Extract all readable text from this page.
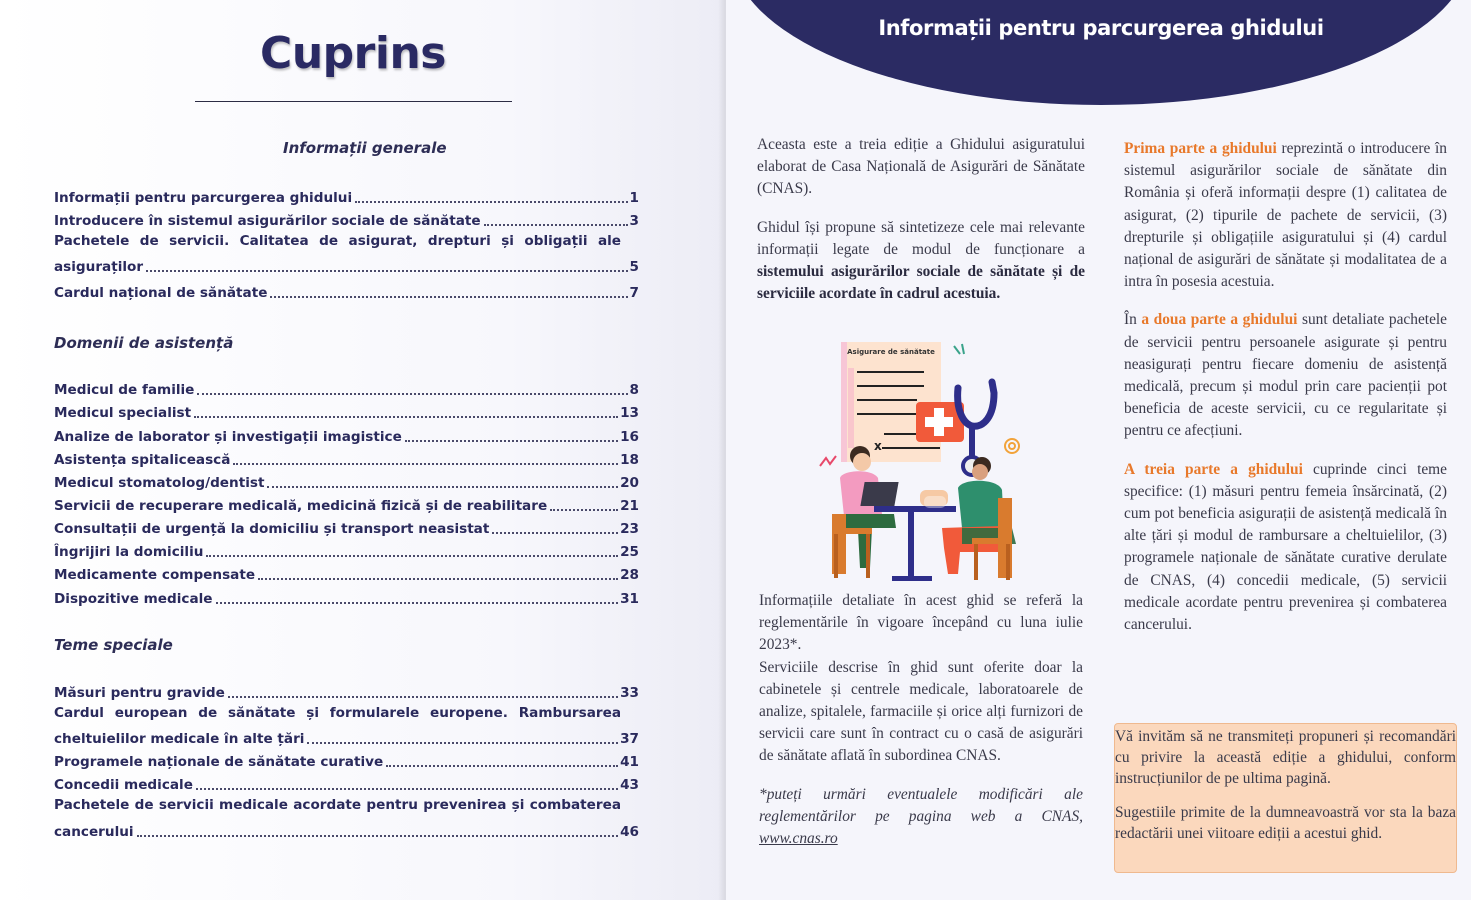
Cuprins
Informații generale
Informații pentru parcurgerea ghidului	1
Introducere în sistemul asigurărilor sociale de sănătate	3
Pachetele de servicii. Calitatea de asigurat, drepturi și obligații ale
asiguraților	5
Cardul național de sănătate	7
Domenii de asistență
Medicul de familie	8
Medicul specialist	13
Analize de laborator și investigații imagistice	16
Asistența spitalicească	18
Medicul stomatolog/dentist	20
Servicii de recuperare medicală, medicină fizică și de reabilitare	21
Consultații de urgență la domiciliu și transport neasistat	23
Îngrijiri la domiciliu	25
Medicamente compensate	28
Dispozitive medicale	31
Teme speciale
Măsuri pentru gravide	33
Cardul european de sănătate și formularele europene. Rambursarea
cheltuielilor medicale în alte țări	37
Programele naționale de sănătate curative	41
Concedii medicale	43
Pachetele de servicii medicale acordate pentru prevenirea și combaterea
cancerului	46
Informații pentru parcurgerea ghidului

Aceasta este a treia ediție a Ghidului asiguratului elaborat de Casa Națională de Asigurări de Sănătate (CNAS).

Ghidul își propune să sintetizeze cele mai relevante informații legate de modul de funcționare a sistemului asigurărilor sociale de sănătate și de serviciile acordate în cadrul acestuia.

Informațiile detaliate în acest ghid se referă la reglementările în vigoare începând cu luna iulie 2023*.

Serviciile descrise în ghid sunt oferite doar la cabinetele și centrele medicale, laboratoarele de analize, spitalele, farmaciile și orice alți furnizori de servicii care sunt în contract cu o casă de asigurări de sănătate aflată în subordinea CNAS.

*puteți urmări eventualele modificări ale reglementărilor pe pagina web a CNAS, www.cnas.ro

Prima parte a ghidului reprezintă o introducere în sistemul asigurărilor sociale de sănătate din România și oferă informații despre (1) calitatea de asigurat, (2) tipurile de pachete de servicii, (3) drepturile și obligațiile asiguratului și (4) cardul național de asigurări de sănătate și modalitatea de a intra în posesia acestuia.

În a doua parte a ghidului sunt detaliate pachetele de servicii pentru persoanele asigurate și pentru neasigurați pentru fiecare domeniu de asistență medicală, precum și modul prin care pacienții pot beneficia de aceste servicii, cu ce regularitate și pentru ce afecțiuni.

A treia parte a ghidului cuprinde cinci teme specifice: (1) măsuri pentru femeia însărcinată, (2) cum pot beneficia asigurații de asistență medicală în alte țări și modul de rambursare a cheltuielilor, (3) programele naționale de sănătate curative derulate de CNAS, (4) concedii medicale, (5) servicii medicale acordate pentru prevenirea și combaterea cancerului.

Vă invităm să ne transmiteți propuneri și recomandări cu privire la această ediție a ghidului, conform instrucțiunilor de pe ultima pagină.

Sugestiile primite de la dumneavoastră vor sta la baza redactării unei viitoare ediții a acestui ghid.

Asigurare de sănătate
x
